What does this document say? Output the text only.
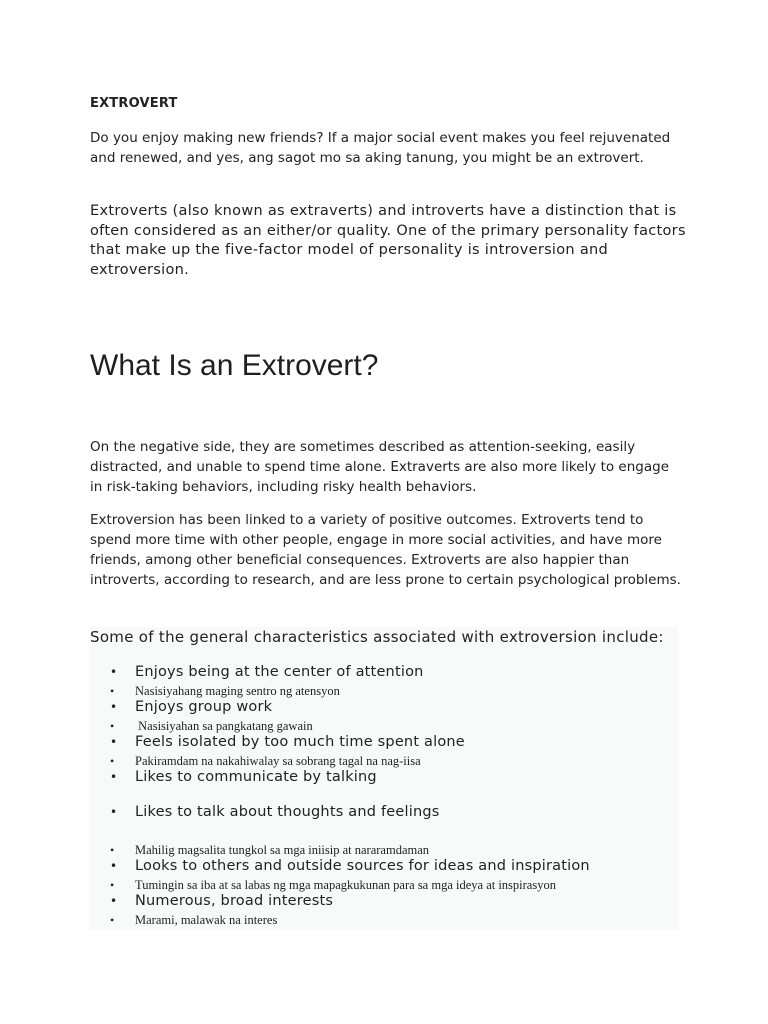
EXTROVERT

Do you enjoy making new friends? If a major social event makes you feel rejuvenated and renewed, and yes, ang sagot mo sa aking tanung, you might be an extrovert.

Extroverts (also known as extraverts) and introverts have a distinction that is often considered as an either/or quality. One of the primary personality factors that make up the five-factor model of personality is introversion and extroversion.

What Is an Extrovert?

On the negative side, they are sometimes described as attention-seeking, easily distracted, and unable to spend time alone. Extraverts are also more likely to engage in risk-taking behaviors, including risky health behaviors.

Extroversion has been linked to a variety of positive outcomes. Extroverts tend to spend more time with other people, engage in more social activities, and have more friends, among other beneficial consequences. Extroverts are also happier than introverts, according to research, and are less prone to certain psychological problems.

Some of the general characteristics associated with extroversion include:

• Enjoys being at the center of attention
• Nasisiyahang maging sentro ng atensyon
• Enjoys group work
• Nasisiyahan sa pangkatang gawain
• Feels isolated by too much time spent alone
• Pakiramdam na nakahiwalay sa sobrang tagal na nag-iisa
• Likes to communicate by talking
• Likes to talk about thoughts and feelings
• Mahilig magsalita tungkol sa mga iniisip at nararamdaman
• Looks to others and outside sources for ideas and inspiration
• Tumingin sa iba at sa labas ng mga mapagkukunan para sa mga ideya at inspirasyon
• Numerous, broad interests
• Marami, malawak na interes
